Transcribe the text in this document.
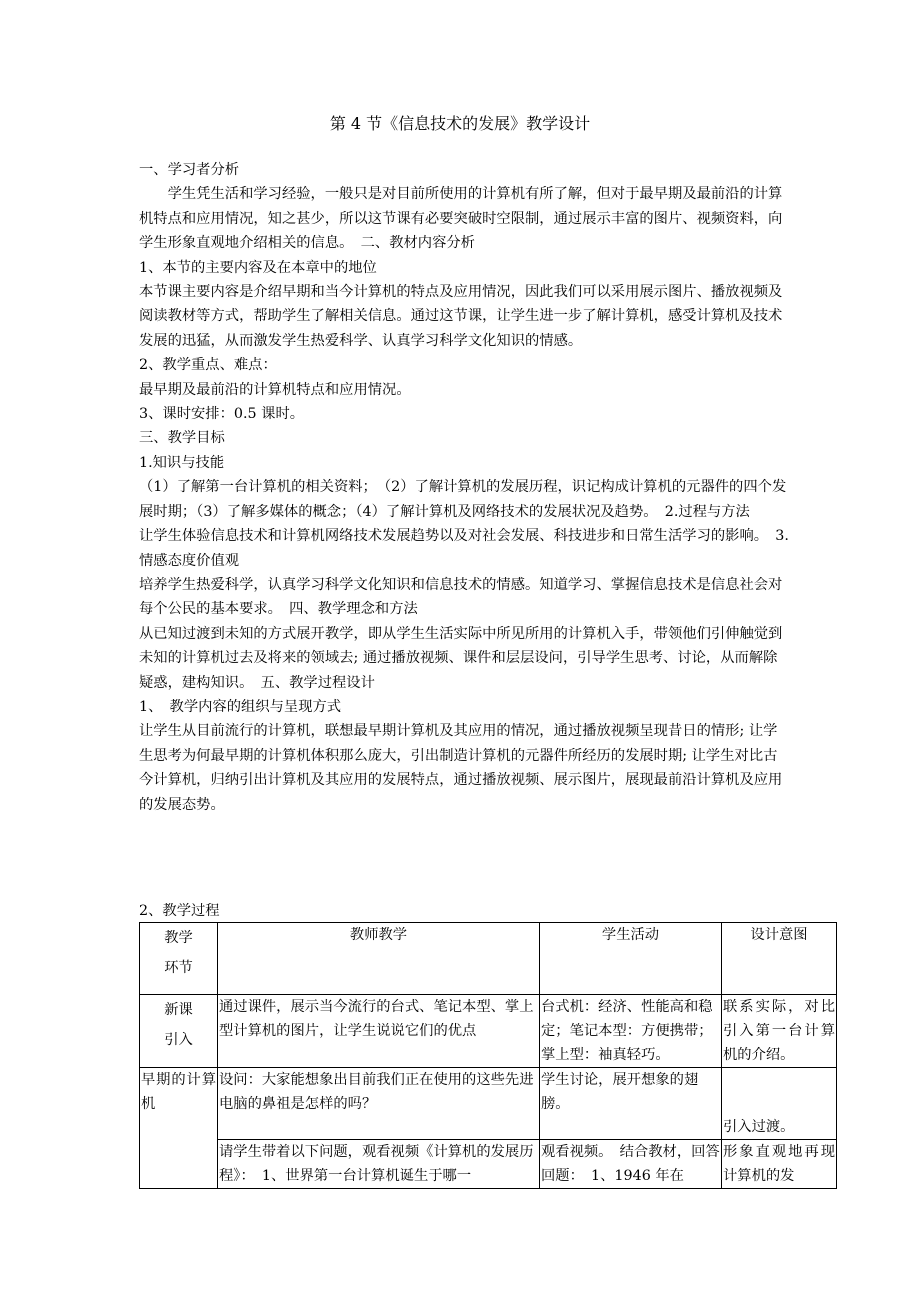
第 4 节《信息技术的发展》教学设计

一、学习者分析

学生凭生活和学习经验，一般只是对目前所使用的计算机有所了解，但对于最早期及最前沿的计算机特点和应用情况，知之甚少，所以这节课有必要突破时空限制，通过展示丰富的图片、视频资料，向学生形象直观地介绍相关的信息。　 二、教材内容分析

1、本节的主要内容及在本章中的地位

本节课主要内容是介绍早期和当今计算机的特点及应用情况，因此我们可以采用展示图片、播放视频及阅读教材等方式，帮助学生了解相关信息。通过这节课，让学生进一步了解计算机，感受计算机及技术发展的迅猛，从而激发学生热爱科学、认真学习科学文化知识的情感。

2、教学重点、难点：

最早期及最前沿的计算机特点和应用情况。

3、课时安排：0.5 课时。

三、教学目标

1.知识与技能

（1）了解第一台计算机的相关资料；　（2）了解计算机的发展历程，识记构成计算机的元器件的四个发展时期；（3）了解多媒体的概念；（4）了解计算机及网络技术的发展状况及趋势。　 2.过程与方法

让学生体验信息技术和计算机网络技术发展趋势以及对社会发展、科技进步和日常生活学习的影响。　 3.情感态度价值观

培养学生热爱科学，认真学习科学文化知识和信息技术的情感。知道学习、掌握信息技术是信息社会对每个公民的基本要求。　 四、教学理念和方法

从已知过渡到未知的方式展开教学，即从学生生活实际中所见所用的计算机入手，带领他们引伸触觉到未知的计算机过去及将来的领域去; 通过播放视频、课件和层层设问，引导学生思考、讨论，从而解除疑惑，建构知识。　 五、教学过程设计

1、　教学内容的组织与呈现方式

让学生从目前流行的计算机，联想最早期计算机及其应用的情况，通过播放视频呈现昔日的情形; 让学生思考为何最早期的计算机体积那么庞大，引出制造计算机的元器件所经历的发展时期; 让学生对比古今计算机，归纳引出计算机及其应用的发展特点，通过播放视频、展示图片，展现最前沿计算机及应用的发展态势。

2、教学过程
教学
环节	教师教学	学生活动	设计意图

新课
引入	通过课件，展示当今流行的台式、笔记本型、掌上型计算机的图片，让学生说说它们的优点	台式机：经济、性能高和稳定；笔记本型：方便携带；掌上型：袖真轻巧。	联系实际，对比引入第一台计算机的介绍。
早期的计算机	设问：大家能想象出目前我们正在使用的这些先进电脑的鼻祖是怎样的吗？	学生讨论，展开想象的翅膀。	引入过渡。
	请学生带着以下问题，观看视频《计算机的发展历程》：　1、世界第一台计算机诞生于哪一	观看视频。　结合教材，回答回题：　1、1946 年在	形象直观地再现计算机的发
